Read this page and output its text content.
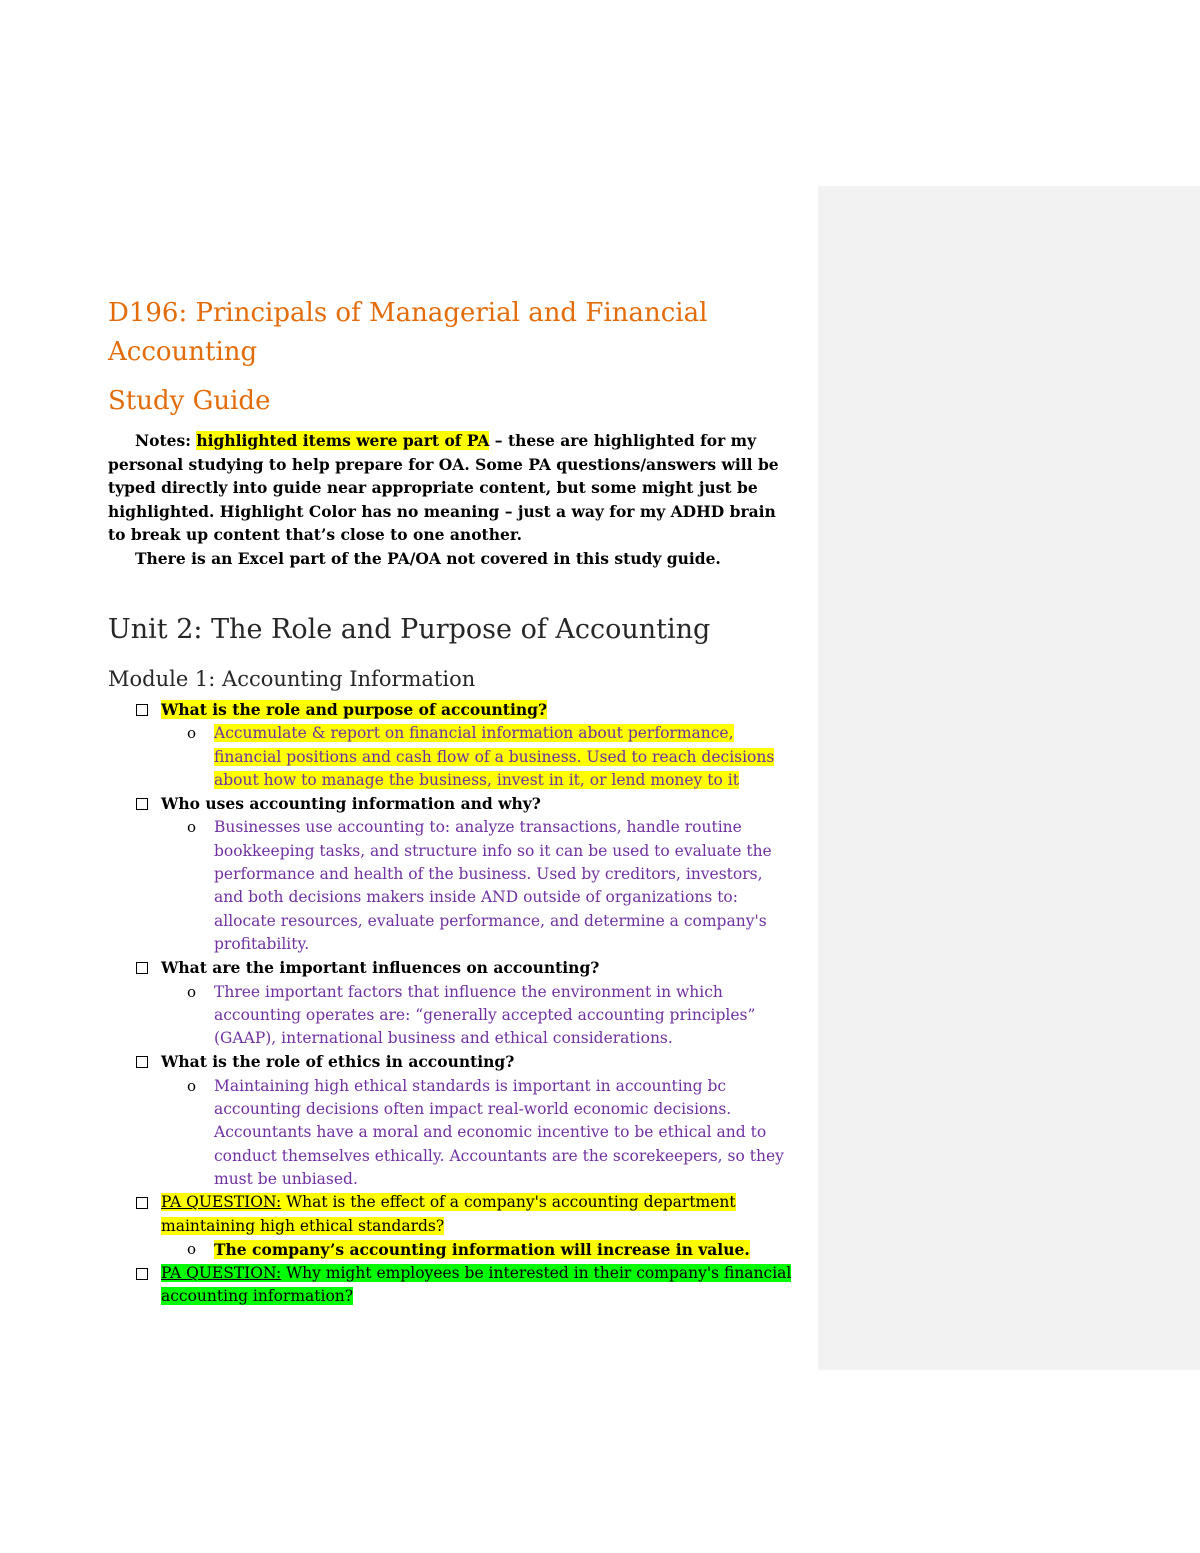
D196: Principals of Managerial and Financial Accounting
Study Guide

Notes: highlighted items were part of PA – these are highlighted for my personal studying to help prepare for OA. Some PA questions/answers will be typed directly into guide near appropriate content, but some might just be highlighted. Highlight Color has no meaning – just a way for my ADHD brain to break up content that’s close to one another.

There is an Excel part of the PA/OA not covered in this study guide.

Unit 2: The Role and Purpose of Accounting
Module 1: Accounting Information
What is the role and purpose of accounting?
o Accumulate & report on financial information about performance, financial positions and cash flow of a business. Used to reach decisions about how to manage the business, invest in it, or lend money to it
Who uses accounting information and why?
o Businesses use accounting to: analyze transactions, handle routine bookkeeping tasks, and structure info so it can be used to evaluate the performance and health of the business. Used by creditors, investors, and both decisions makers inside AND outside of organizations to: allocate resources, evaluate performance, and determine a company's profitability.
What are the important influences on accounting?
o Three important factors that influence the environment in which accounting operates are: “generally accepted accounting principles” (GAAP), international business and ethical considerations.
What is the role of ethics in accounting?
o Maintaining high ethical standards is important in accounting bc accounting decisions often impact real-world economic decisions. Accountants have a moral and economic incentive to be ethical and to conduct themselves ethically. Accountants are the scorekeepers, so they must be unbiased.
PA QUESTION: What is the effect of a company's accounting department maintaining high ethical standards?
o The company’s accounting information will increase in value.
PA QUESTION: Why might employees be interested in their company's financial accounting information?
